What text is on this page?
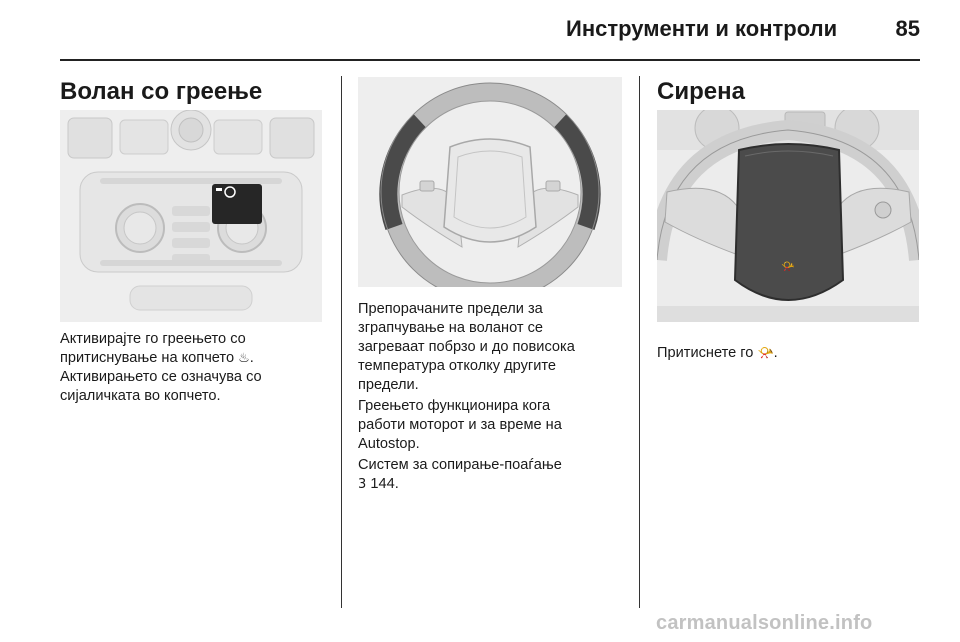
Инструменти и контроли	85
Волан со греење

Активирајте го греењето со
притиснување на копчето ♨.
Активирањето се означува со
сијаличката во копчето.

Препорачаните предели за
зграпчување на воланот се
загреваат побрзо и до повисока
температура отколку другите
предели.

Греењето функционира кога
работи моторот и за време на
Autostop.

Систем за сопирање-поаѓање
3 144.

Сирена
📯

Притиснете го 📯.

carmanualsonline.info
